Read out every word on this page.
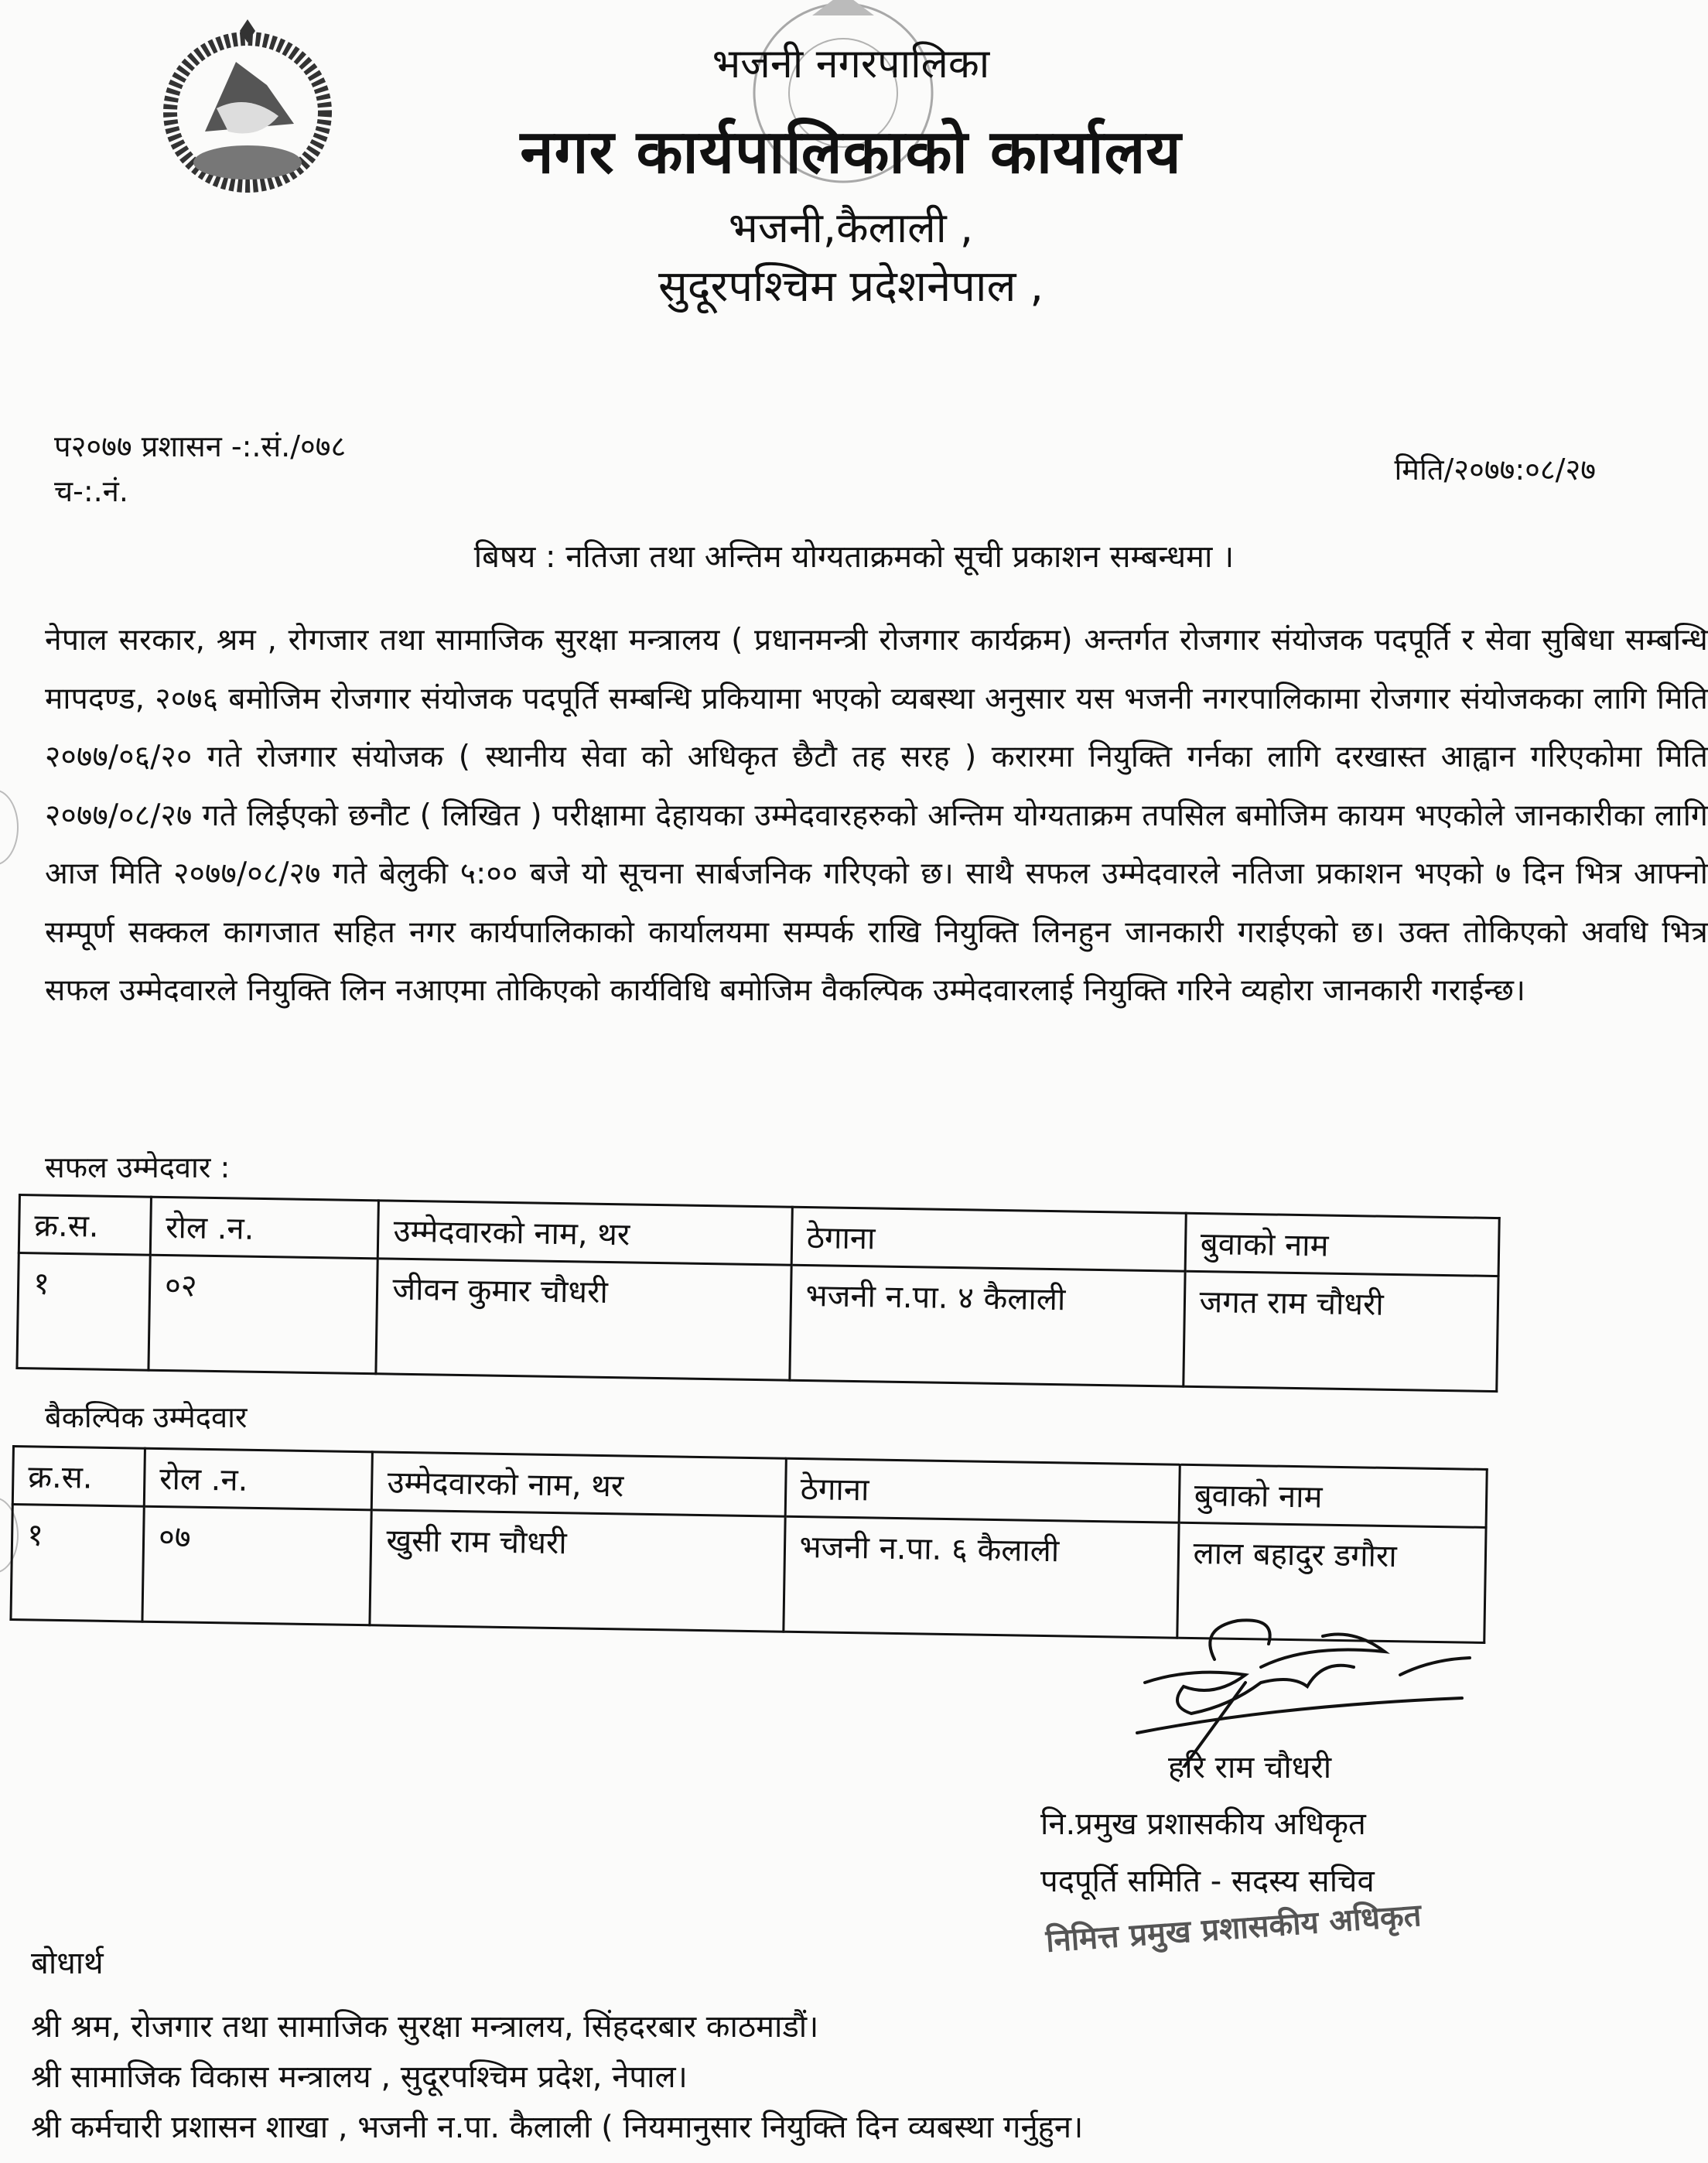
भजनी नगरपालिका
नगर कार्यपालिकाको कार्यालय
भजनी,कैलाली ,
सुदूरपश्चिम प्रदेशनेपाल ,
प२०७७ प्रशासन -:.सं./०७८
च-:.नं.
मिति/२०७७:०८/२७
बिषय : नतिजा तथा अन्तिम योग्यताक्रमको सूची प्रकाशन सम्बन्धमा ।
नेपाल सरकार, श्रम , रोगजार तथा सामाजिक सुरक्षा मन्त्रालय ( प्रधानमन्त्री रोजगार कार्यक्रम) अन्तर्गत रोजगार संयोजक पदपूर्ति र सेवा सुबिधा सम्बन्धि मापदण्ड, २०७६ बमोजिम रोजगार संयोजक पदपूर्ति सम्बन्धि प्रकियामा भएको व्यबस्था अनुसार यस भजनी नगरपालिकामा रोजगार संयोजकका लागि मिति २०७७/०६/२० गते रोजगार संयोजक ( स्थानीय सेवा को अधिकृत छैटौ तह सरह ) करारमा नियुक्ति गर्नका लागि दरखास्त आह्वान गरिएकोमा मिति २०७७/०८/२७ गते लिईएको छनौट ( लिखित ) परीक्षामा देहायका उम्मेदवारहरुको अन्तिम योग्यताक्रम तपसिल बमोजिम कायम भएकोले जानकारीका लागि आज मिति २०७७/०८/२७ गते बेलुकी ५:०० बजे यो सूचना सार्बजनिक गरिएको छ। साथै सफल उम्मेदवारले नतिजा प्रकाशन भएको ७ दिन भित्र आफ्नो सम्पूर्ण सक्कल कागजात सहित नगर कार्यपालिकाको कार्यालयमा सम्पर्क राखि नियुक्ति लिनहुन जानकारी गराईएको छ। उक्त तोकिएको अवधि भित्र सफल उम्मेदवारले नियुक्ति लिन नआएमा तोकिएको कार्यविधि बमोजिम वैकल्पिक उम्मेदवारलाई नियुक्ति गरिने व्यहोरा जानकारी गराईन्छ।
सफल उम्मेदवार :
क्र.स.	रोल .न.	उम्मेदवारको नाम, थर	ठेगाना	बुवाको नाम
१	०२	जीवन कुमार चौधरी	भजनी न.पा. ४ कैलाली	जगत राम चौधरी
बैकल्पिक उम्मेदवार
क्र.स.	रोल .न.	उम्मेदवारको नाम, थर	ठेगाना	बुवाको नाम
१	०७	खुसी राम चौधरी	भजनी न.पा. ६ कैलाली	लाल बहादुर डगौरा
हरि राम चौधरी
नि.प्रमुख प्रशासकीय अधिकृत
पदपूर्ति समिति - सदस्य सचिव
निमित्त प्रमुख प्रशासकीय अधिकृत
बोधार्थ
श्री श्रम, रोजगार तथा सामाजिक सुरक्षा मन्त्रालय, सिंहदरबार काठमाडौं।
श्री सामाजिक विकास मन्त्रालय , सुदूरपश्चिम प्रदेश, नेपाल।
श्री कर्मचारी प्रशासन शाखा , भजनी न.पा. कैलाली ( नियमानुसार नियुक्ति दिन व्यबस्था गर्नुहुन।
